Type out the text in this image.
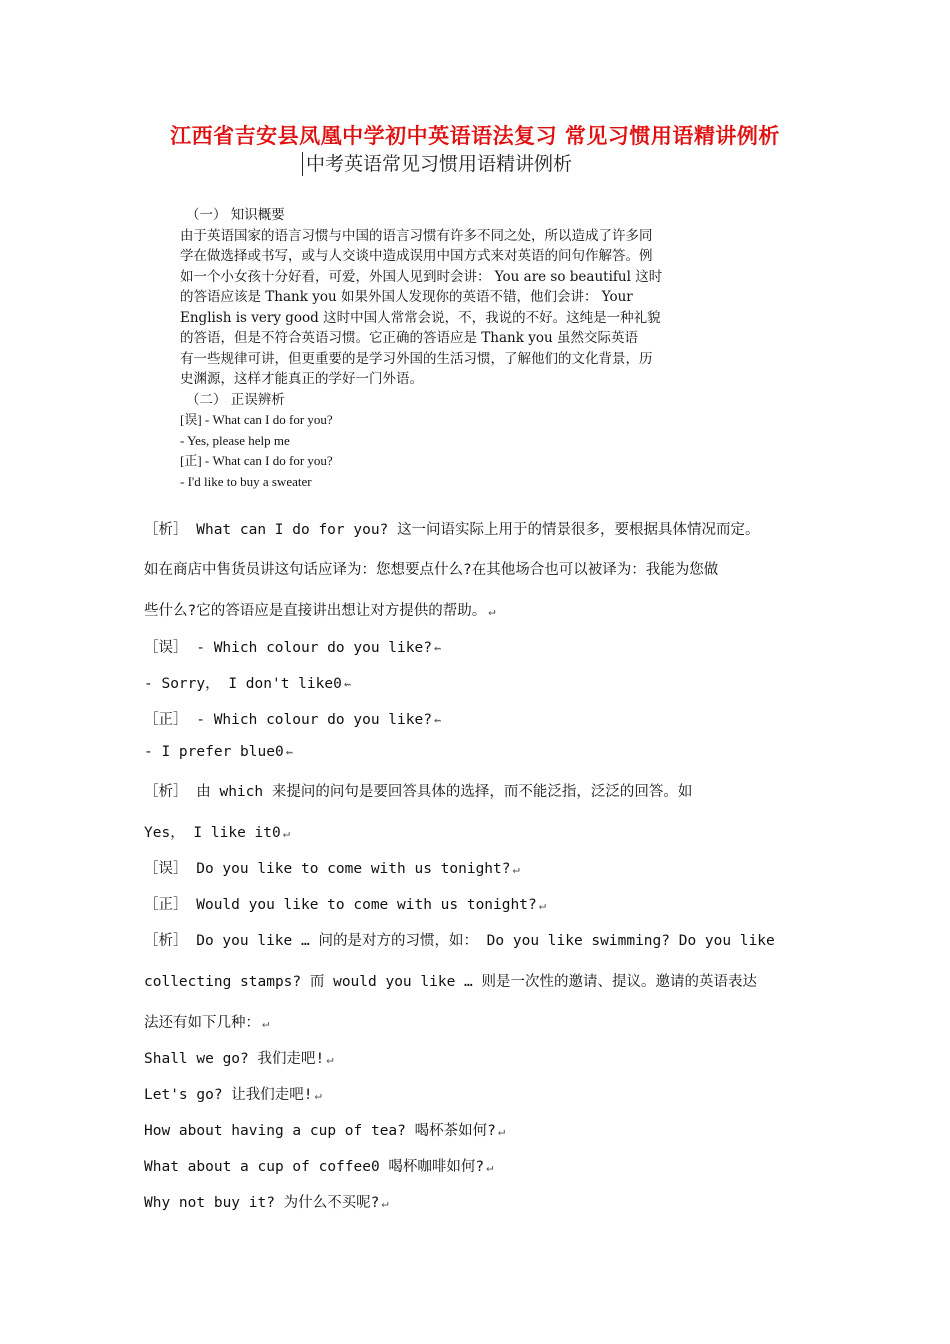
江西省吉安县凤凰中学初中英语语法复习 常见习惯用语精讲例析
中考英语常见习惯用语精讲例析
（一） 知识概要
由于英语国家的语言习惯与中国的语言习惯有许多不同之处，所以造成了许多同
学在做选择或书写，或与人交谈中造成误用中国方式来对英语的问句作解答。例
如一个小女孩十分好看，可爱，外国人见到时会讲： You are so beautiful 这时
的答语应该是 Thank you 如果外国人发现你的英语不错，他们会讲： Your
English is very good 这时中国人常常会说，不，我说的不好。这纯是一种礼貌
的答语，但是不符合英语习惯。它正确的答语应是 Thank you 虽然交际英语
有一些规律可讲，但更重要的是学习外国的生活习惯，了解他们的文化背景，历
史渊源，这样才能真正的学好一门外语。
（二） 正误辨析
[误] - What can I do for you?
- Yes, please help me
[正] - What can I do for you?
- I'd like to buy a sweater
［析］ What can I do for you? 这一问语实际上用于的情景很多，要根据具体情况而定。
如在商店中售货员讲这句话应译为：您想要点什么?在其他场合也可以被译为：我能为您做
些什么?它的答语应是直接讲出想让对方提供的帮助。 ↵
［误］ - Which colour do you like? ⇜
- Sorry， I don't like0 ⇜
［正］ - Which colour do you like? ⇜
- I prefer blue0 ⇜
［析］ 由 which 来提问的问句是要回答具体的选择，而不能泛指，泛泛的回答。如
Yes， I like it0 ↵
［误］ Do you like to come with us tonight? ↵
［正］ Would you like to come with us tonight? ↵
［析］ Do you like … 问的是对方的习惯，如： Do you like swimming? Do you like
collecting stamps? 而 would you like … 则是一次性的邀请、提议。邀请的英语表达
法还有如下几种： ↵
Shall we go? 我们走吧! ↵
Let's go? 让我们走吧! ↵
How about having a cup of tea? 喝杯茶如何? ↵
What about a cup of coffee0 喝杯咖啡如何? ↵
Why not buy it? 为什么不买呢? ↵
